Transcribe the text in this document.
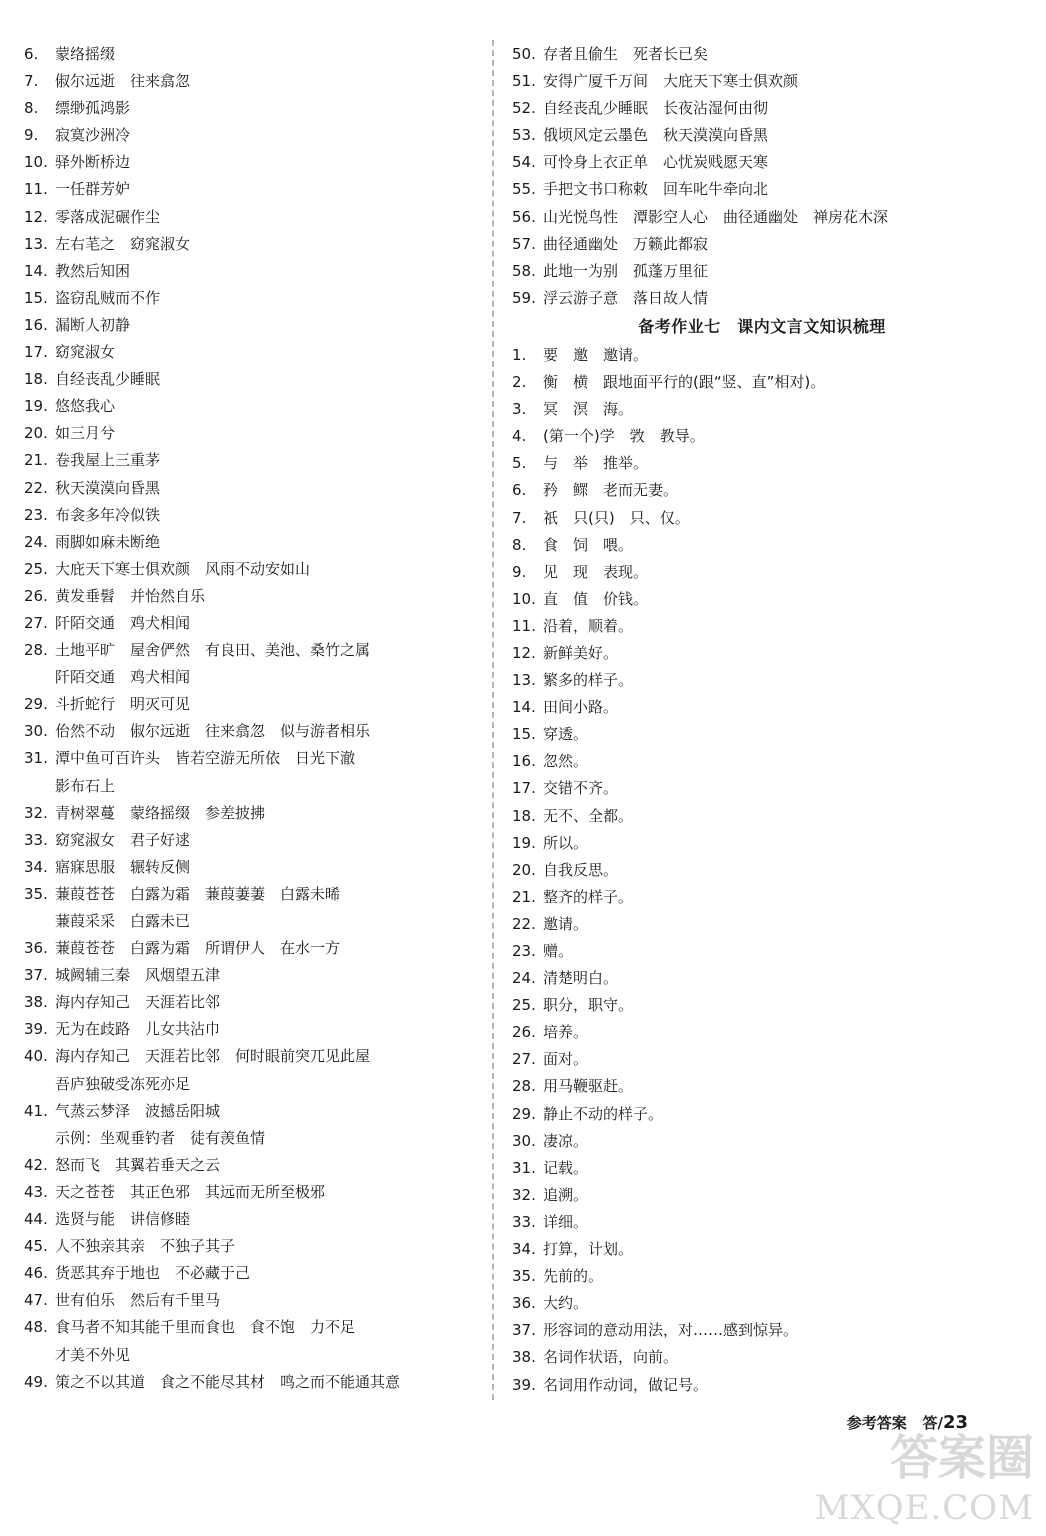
6. 蒙络摇缀
7. 俶尔远逝　往来翕忽
8. 缥缈孤鸿影
9. 寂寞沙洲冷
10. 驿外断桥边
11. 一任群芳妒
12. 零落成泥碾作尘
13. 左右芼之　窈窕淑女
14. 教然后知困
15. 盗窃乱贼而不作
16. 漏断人初静
17. 窈窕淑女
18. 自经丧乱少睡眠
19. 悠悠我心
20. 如三月兮
21. 卷我屋上三重茅
22. 秋天漠漠向昏黑
23. 布衾多年冷似铁
24. 雨脚如麻未断绝
25. 大庇天下寒士俱欢颜　风雨不动安如山
26. 黄发垂髫　并怡然自乐
27. 阡陌交通　鸡犬相闻
28. 土地平旷　屋舍俨然　有良田、美池、桑竹之属
阡陌交通　鸡犬相闻
29. 斗折蛇行　明灭可见
30. 佁然不动　俶尔远逝　往来翕忽　似与游者相乐
31. 潭中鱼可百许头　皆若空游无所依　日光下澈
影布石上
32. 青树翠蔓　蒙络摇缀　参差披拂
33. 窈窕淑女　君子好逑
34. 寤寐思服　辗转反侧
35. 蒹葭苍苍　白露为霜　蒹葭萋萋　白露未晞
蒹葭采采　白露未已
36. 蒹葭苍苍　白露为霜　所谓伊人　在水一方
37. 城阙辅三秦　风烟望五津
38. 海内存知己　天涯若比邻
39. 无为在歧路　儿女共沾巾
40. 海内存知己　天涯若比邻　何时眼前突兀见此屋
吾庐独破受冻死亦足
41. 气蒸云梦泽　波撼岳阳城
示例：坐观垂钓者　徒有羡鱼情
42. 怒而飞　其翼若垂天之云
43. 天之苍苍　其正色邪　其远而无所至极邪
44. 选贤与能　讲信修睦
45. 人不独亲其亲　不独子其子
46. 货恶其弃于地也　不必藏于己
47. 世有伯乐　然后有千里马
48. 食马者不知其能千里而食也　食不饱　力不足
才美不外见
49. 策之不以其道　食之不能尽其材　鸣之而不能通其意
50. 存者且偷生　死者长已矣
51. 安得广厦千万间　大庇天下寒士俱欢颜
52. 自经丧乱少睡眠　长夜沾湿何由彻
53. 俄顷风定云墨色　秋天漠漠向昏黑
54. 可怜身上衣正单　心忧炭贱愿天寒
55. 手把文书口称敕　回车叱牛牵向北
56. 山光悦鸟性　潭影空人心　曲径通幽处　禅房花木深
57. 曲径通幽处　万籁此都寂
58. 此地一为别　孤蓬万里征
59. 浮云游子意　落日故人情
备考作业七　课内文言文知识梳理
1. 要　邀　邀请。
2. 衡　横　跟地面平行的(跟“竖、直”相对)。
3. 冥　溟　海。
4. (第一个)学　敩　教导。
5. 与　举　推举。
6. 矜　鳏　老而无妻。
7. 祇　只(只)　只、仅。
8. 食　饲　喂。
9. 见　现　表现。
10. 直　值　价钱。
11. 沿着，顺着。
12. 新鲜美好。
13. 繁多的样子。
14. 田间小路。
15. 穿透。
16. 忽然。
17. 交错不齐。
18. 无不、全都。
19. 所以。
20. 自我反思。
21. 整齐的样子。
22. 邀请。
23. 赠。
24. 清楚明白。
25. 职分，职守。
26. 培养。
27. 面对。
28. 用马鞭驱赶。
29. 静止不动的样子。
30. 凄凉。
31. 记载。
32. 追溯。
33. 详细。
34. 打算，计划。
35. 先前的。
36. 大约。
37. 形容词的意动用法，对……感到惊异。
38. 名词作状语，向前。
39. 名词用作动词，做记号。
参考答案 答/23
答案圈
MXQE.COM
